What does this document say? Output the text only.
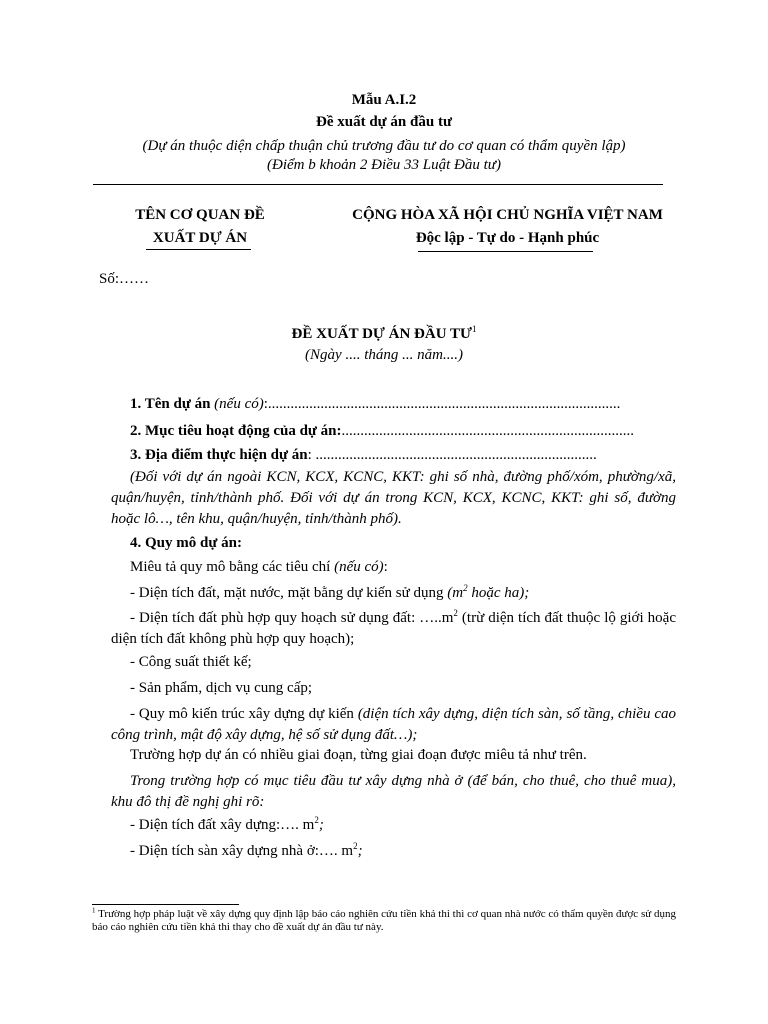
Mẫu A.I.2
Đề xuất dự án đầu tư
(Dự án thuộc diện chấp thuận chủ trương đầu tư do cơ quan có thẩm quyền lập)
(Điểm b khoản 2 Điều 33 Luật Đầu tư)
TÊN CƠ QUAN ĐỀ
XUẤT DỰ ÁN
CỘNG HÒA XÃ HỘI CHỦ NGHĨA VIỆT NAM
Độc lập - Tự do - Hạnh phúc
Số:……
ĐỀ XUẤT DỰ ÁN ĐẦU $TƯ^1$
(Ngày .... tháng ... năm....)
1. Tên dự án (nếu có):..............................................................................................
2. Mục tiêu hoạt động của dự án:..............................................................................
3. Địa điểm thực hiện dự án: ...........................................................................
(Đối với dự án ngoài KCN, KCX, KCNC, KKT: ghi số nhà, đường phố/xóm, phường/xã, quận/huyện, tỉnh/thành phố. Đối với dự án trong KCN, KCX, KCNC, KKT: ghi số, đường hoặc lô…, tên khu, quận/huyện, tỉnh/thành phố).
4. Quy mô dự án:
Miêu tả quy mô bằng các tiêu chí (nếu có):
- Diện tích đất, mặt nước, mặt bằng dự kiến sử dụng ($m^2$ hoặc ha);
- Diện tích đất phù hợp quy hoạch sử dụng đất: $\dots..m^2$ (trừ diện tích đất thuộc lộ giới hoặc diện tích đất không phù hợp quy hoạch);
- Công suất thiết kế;
- Sản phẩm, dịch vụ cung cấp;
- Quy mô kiến trúc xây dựng dự kiến (diện tích xây dựng, diện tích sàn, số tầng, chiều cao công trình, mật độ xây dựng, hệ số sử dụng đất…);
Trường hợp dự án có nhiều giai đoạn, từng giai đoạn được miêu tả như trên.
Trong trường hợp có mục tiêu đầu tư xây dựng nhà ở (để bán, cho thuê, cho thuê mua), khu đô thị đề nghị ghi rõ:
- Diện tích đất xây dựng:…. $m^2$;
- Diện tích sàn xây dựng nhà ở:…. $m^2$;
$^1$ Trường hợp pháp luật về xây dựng quy định lập báo cáo nghiên cứu tiền khả thi thì cơ quan nhà nước có thẩm quyền được sử dụng báo cáo nghiên cứu tiền khả thi thay cho đề xuất dự án đầu tư này.
